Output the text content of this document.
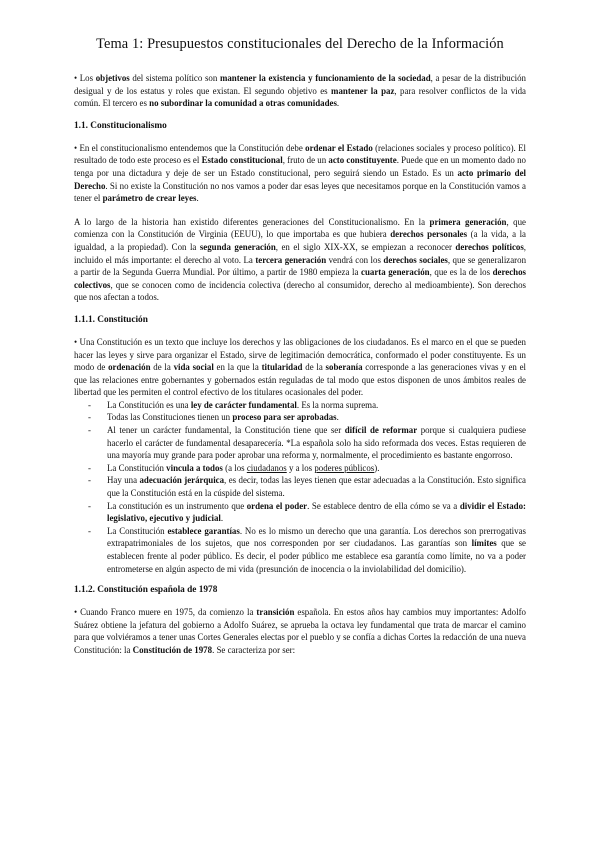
Tema 1: Presupuestos constitucionales del Derecho de la Información

• Los objetivos del sistema político son mantener la existencia y funcionamiento de la sociedad, a pesar de la distribución desigual y de los estatus y roles que existan. El segundo objetivo es mantener la paz, para resolver conflictos de la vida común. El tercero es no subordinar la comunidad a otras comunidades.

1.1. Constitucionalismo

• En el constitucionalismo entendemos que la Constitución debe ordenar el Estado (relaciones sociales y proceso político). El resultado de todo este proceso es el Estado constitucional, fruto de un acto constituyente. Puede que en un momento dado no tenga por una dictadura y deje de ser un Estado constitucional, pero seguirá siendo un Estado. Es un acto primario del Derecho. Si no existe la Constitución no nos vamos a poder dar esas leyes que necesitamos porque en la Constitución vamos a tener el parámetro de crear leyes.

A lo largo de la historia han existido diferentes generaciones del Constitucionalismo. En la primera generación, que comienza con la Constitución de Virginia (EEUU), lo que importaba es que hubiera derechos personales (a la vida, a la igualdad, a la propiedad). Con la segunda generación, en el siglo XIX-XX, se empiezan a reconocer derechos políticos, incluido el más importante: el derecho al voto. La tercera generación vendrá con los derechos sociales, que se generalizaron a partir de la Segunda Guerra Mundial. Por último, a partir de 1980 empieza la cuarta generación, que es la de los derechos colectivos, que se conocen como de incidencia colectiva (derecho al consumidor, derecho al medioambiente). Son derechos que nos afectan a todos.

1.1.1. Constitución

• Una Constitución es un texto que incluye los derechos y las obligaciones de los ciudadanos. Es el marco en el que se pueden hacer las leyes y sirve para organizar el Estado, sirve de legitimación democrática, conformado el poder constituyente. Es un modo de ordenación de la vida social en la que la titularidad de la soberanía corresponde a las generaciones vivas y en el que las relaciones entre gobernantes y gobernados están reguladas de tal modo que estos disponen de unos ámbitos reales de libertad que les permiten el control efectivo de los titulares ocasionales del poder.

- La Constitución es una ley de carácter fundamental. Es la norma suprema.
- Todas las Constituciones tienen un proceso para ser aprobadas.
- Al tener un carácter fundamental, la Constitución tiene que ser difícil de reformar porque si cualquiera pudiese hacerlo el carácter de fundamental desaparecería. *La española solo ha sido reformada dos veces. Estas requieren de una mayoría muy grande para poder aprobar una reforma y, normalmente, el procedimiento es bastante engorroso.
- La Constitución vincula a todos (a los ciudadanos y a los poderes públicos).
- Hay una adecuación jerárquica, es decir, todas las leyes tienen que estar adecuadas a la Constitución. Esto significa que la Constitución está en la cúspide del sistema.
- La constitución es un instrumento que ordena el poder. Se establece dentro de ella cómo se va a dividir el Estado: legislativo, ejecutivo y judicial.
- La Constitución establece garantías. No es lo mismo un derecho que una garantía. Los derechos son prerrogativas extrapatrimoniales de los sujetos, que nos corresponden por ser ciudadanos. Las garantías son límites que se establecen frente al poder público. Es decir, el poder público me establece esa garantía como límite, no va a poder entrometerse en algún aspecto de mi vida (presunción de inocencia o la inviolabilidad del domicilio).
1.1.2. Constitución española de 1978

• Cuando Franco muere en 1975, da comienzo la transición española. En estos años hay cambios muy importantes: Adolfo Suárez obtiene la jefatura del gobierno a Adolfo Suárez, se aprueba la octava ley fundamental que trata de marcar el camino para que volviéramos a tener unas Cortes Generales electas por el pueblo y se confía a dichas Cortes la redacción de una nueva Constitución: la Constitución de 1978. Se caracteriza por ser:
